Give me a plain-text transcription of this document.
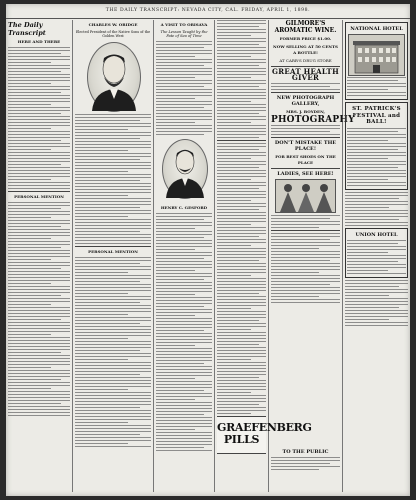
THE DAILY TRANSCRIPT: NEVADA CITY, CAL. FRIDAY, APRIL 1, 1898.
The Daily Transcript
HERE AND THERE
PERSONAL MENTION
CHARLES W. ORIDGE
Elected President of the Native Sons of the Golden West
PERSONAL MENTION
A VISIT TO ORISAVA
The Lesson Taught by the Fate of Sea of Time
HENRY C. GESFORD
GRAEFENBERG PILLS
GILMORE'S AROMATIC WINE.
FORMER PRICE $1.00.
NOW SELLING AT 50 CENTS A BOTTLE!
AT CARR'S DRUG STORE
GREAT HEALTH GIVER
NEW PHOTOGRAPH GALLERY,
MRS. J. BOYDEN,
PHOTOGRAPHY
DON'T MISTAKE THE PLACE!
FOR BEST SHOES ON THE PLACE
LADIES, SEE HERE!
TO THE PUBLIC
NATIONAL HOTEL
ST. PATRICK'S FESTIVAL and BALL!
UNION HOTEL
